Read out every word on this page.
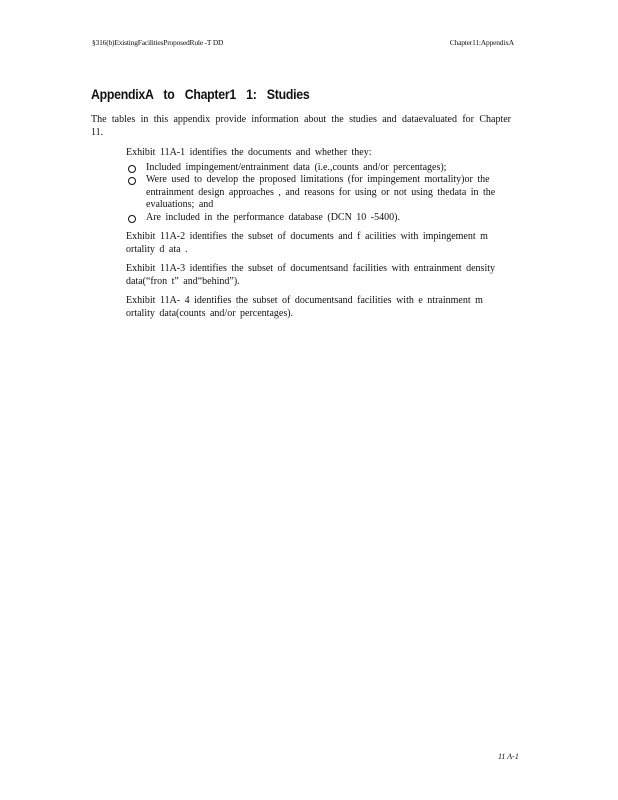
§316(b)ExistingFacilitiesProposedRule -T DD	Chapter11:AppendixA
AppendixA to Chapter1 1: Studies
The tables in this appendix provide information about the studies and dataevaluated for Chapter 11.
Exhibit 11A-1 identifies the documents and whether they:
Included impingement/entrainment data (i.e.,counts and/or percentages);
Were used to develop the proposed limitations (for impingement mortality)or the entrainment design approaches , and reasons for using or not using thedata in the evaluations; and
Are included in the performance database (DCN 10 -5400).
Exhibit 11A-2 identifies the subset of documents and f acilities with impingement m ortality d ata .
Exhibit 11A-3 identifies the subset of documentsand facilities with entrainment density data(“fron t” and“behind”).
Exhibit 11A- 4 identifies the subset of documentsand facilities with e ntrainment m ortality data(counts and/or percentages).
11 A-1
